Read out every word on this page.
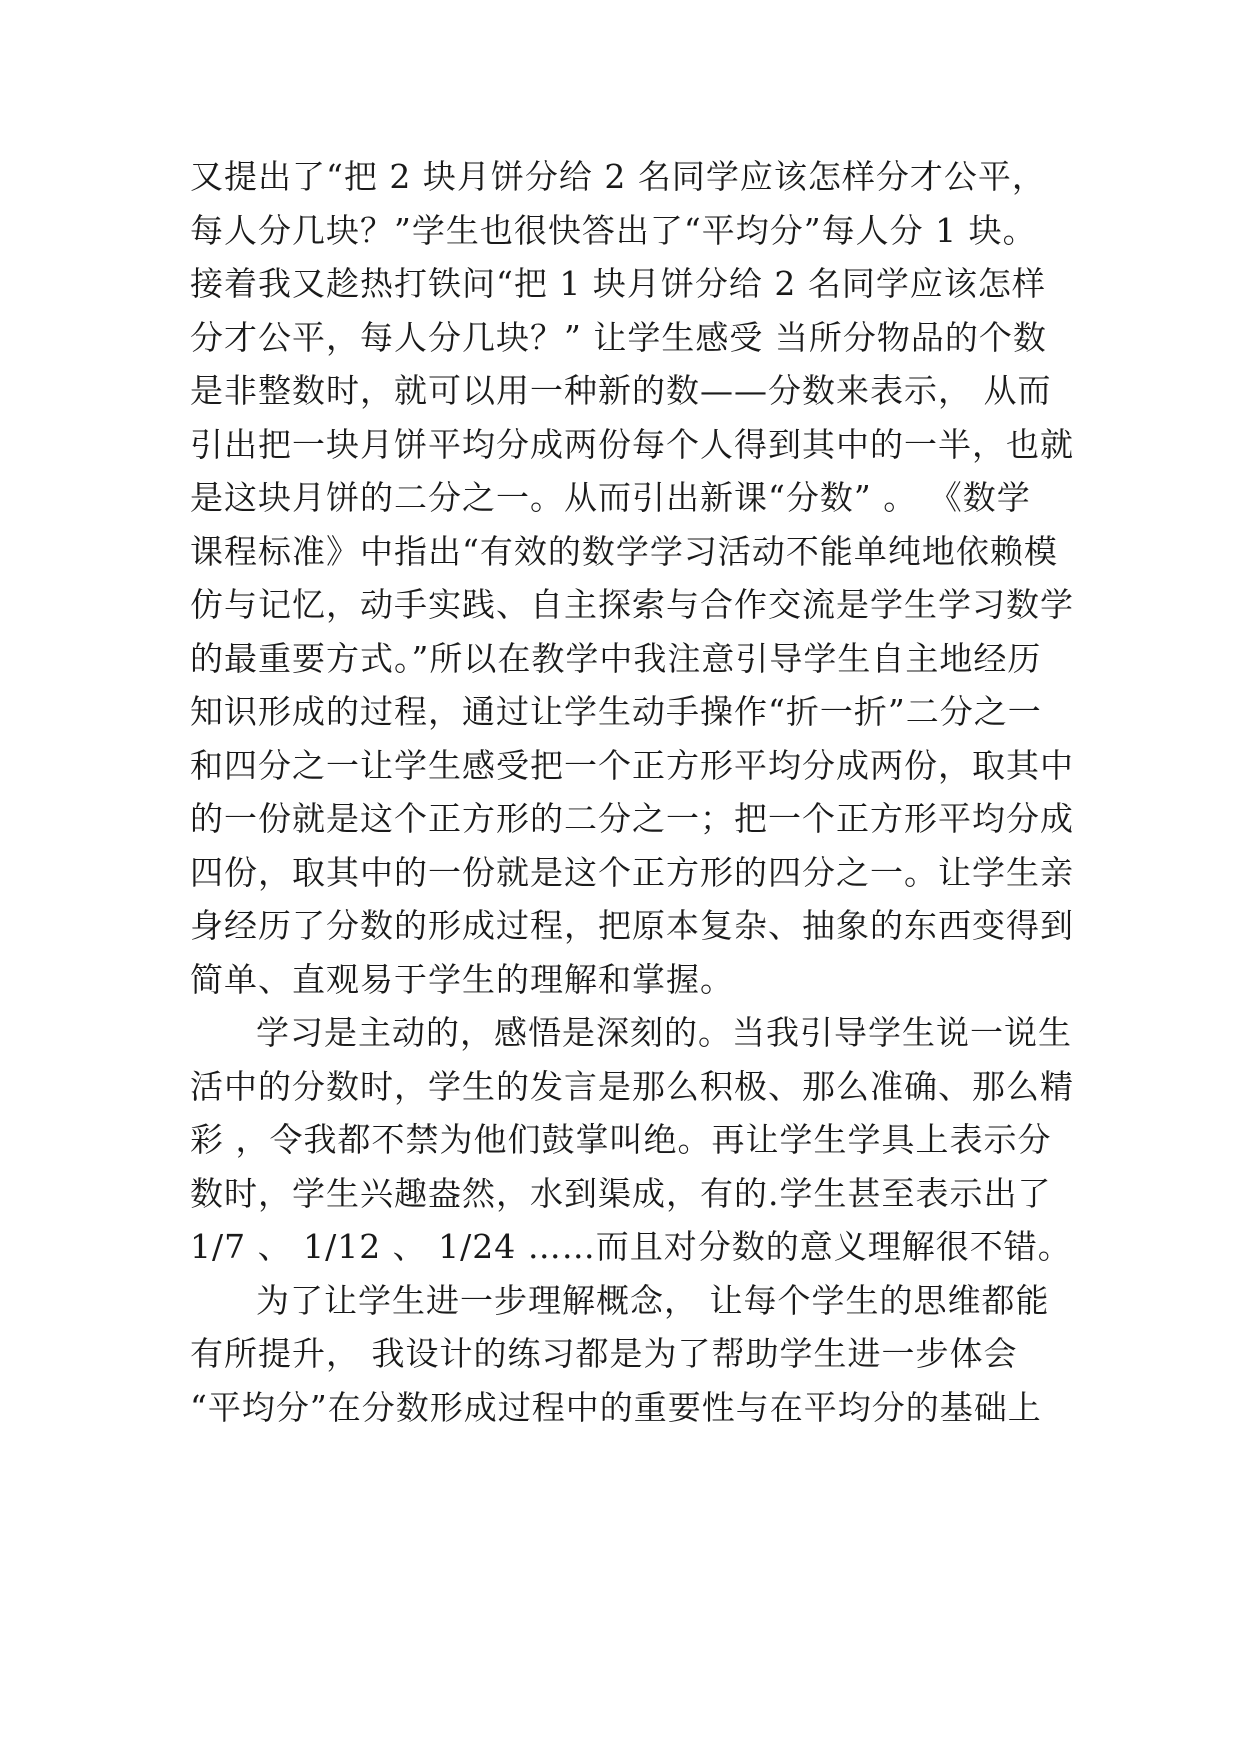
又提出了“把 2 块月饼分给 2 名同学应该怎样分才公平，
每人分几块？”学生也很快答出了“平均分”每人分 1 块。
接着我又趁热打铁问“把 1 块月饼分给 2 名同学应该怎样
分才公平，每人分几块？” 让学生感受 当所分物品的个数
是非整数时，就可以用一种新的数——分数来表示， 从而
引出把一块月饼平均分成两份每个人得到其中的一半，也就
是这块月饼的二分之一。从而引出新课“分数” 。 《数学
课程标准》中指出“有效的数学学习活动不能单纯地依赖模
仿与记忆，动手实践、自主探索与合作交流是学生学习数学
的最重要方式。”所以在教学中我注意引导学生自主地经历
知识形成的过程，通过让学生动手操作“折一折”二分之一
和四分之一让学生感受把一个正方形平均分成两份，取其中
的一份就是这个正方形的二分之一；把一个正方形平均分成
四份，取其中的一份就是这个正方形的四分之一。让学生亲
身经历了分数的形成过程，把原本复杂、抽象的东西变得到
简单、直观易于学生的理解和掌握。
学习是主动的，感悟是深刻的。当我引导学生说一说生
活中的分数时，学生的发言是那么积极、那么准确、那么精
彩 ，令我都不禁为他们鼓掌叫绝。再让学生学具上表示分
数时，学生兴趣盎然，水到渠成，有的.学生甚至表示出了
1/7 、 1/12 、 1/24 ……而且对分数的意义理解很不错。
为了让学生进一步理解概念， 让每个学生的思维都能
有所提升， 我设计的练习都是为了帮助学生进一步体会
“平均分”在分数形成过程中的重要性与在平均分的基础上
